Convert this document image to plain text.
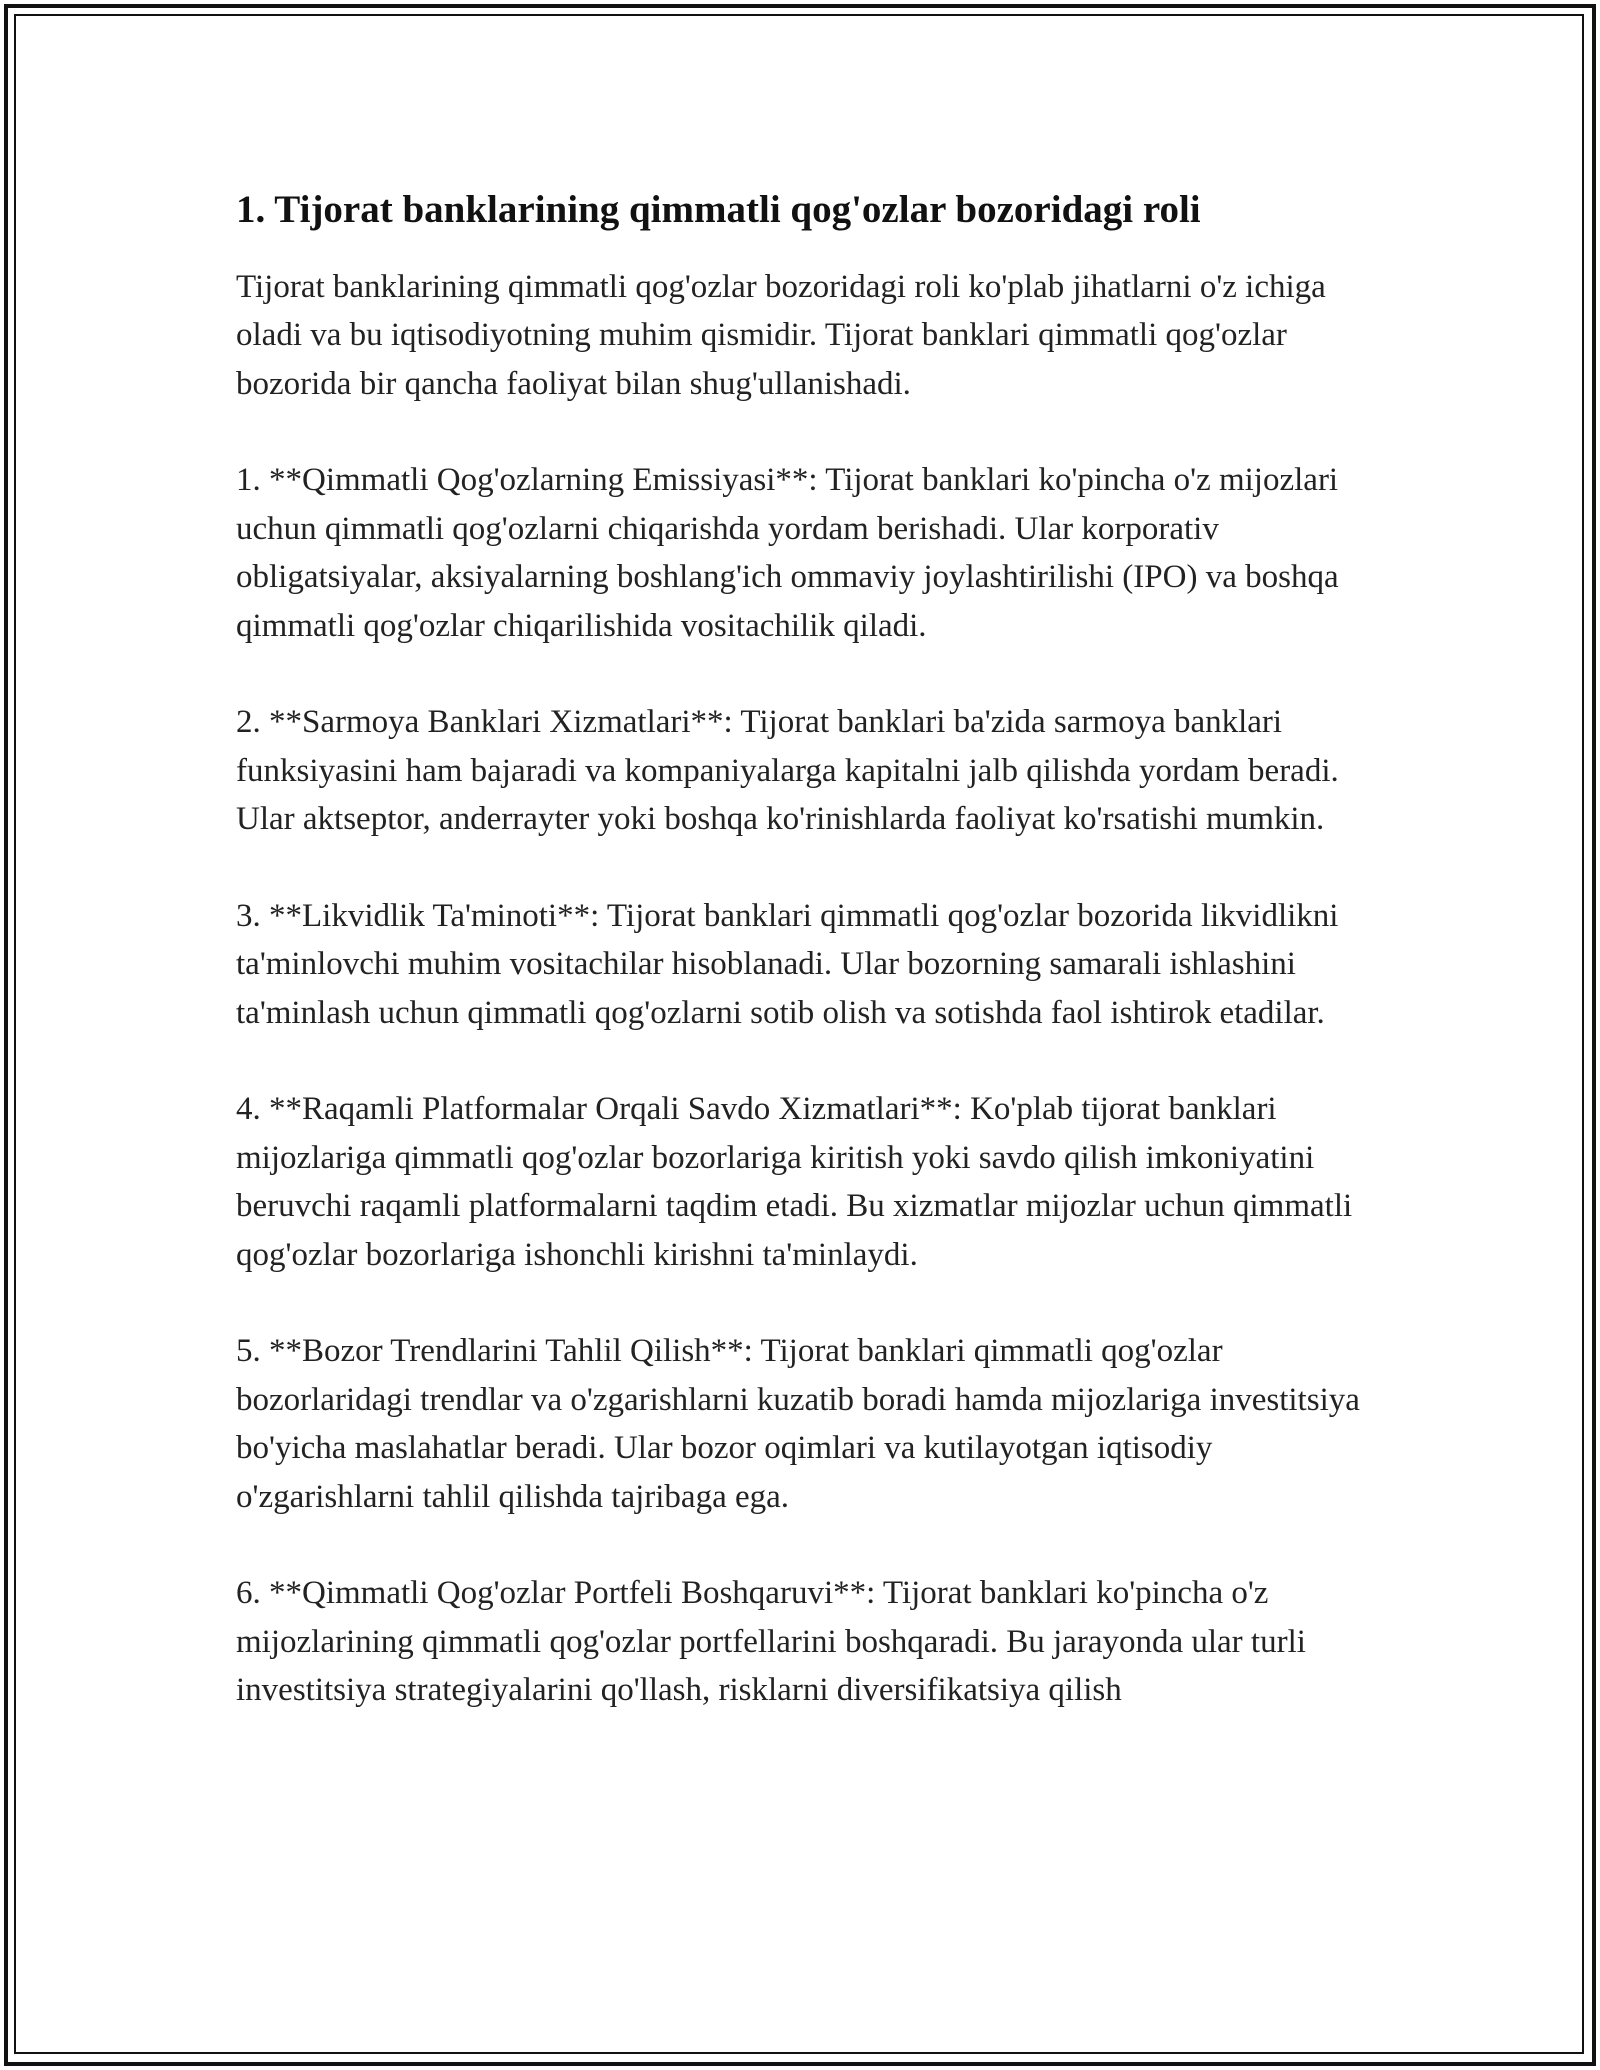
1. Tijorat banklarining qimmatli qog'ozlar bozoridagi roli

Tijorat banklarining qimmatli qog'ozlar bozoridagi roli ko'plab jihatlarni o'z ichiga oladi va bu iqtisodiyotning muhim qismidir. Tijorat banklari qimmatli qog'ozlar bozorida bir qancha faoliyat bilan shug'ullanishadi.

1. **Qimmatli Qog'ozlarning Emissiyasi**: Tijorat banklari ko'pincha o'z mijozlari uchun qimmatli qog'ozlarni chiqarishda yordam berishadi. Ular korporativ obligatsiyalar, aksiyalarning boshlang'ich ommaviy joylashtirilishi (IPO) va boshqa qimmatli qog'ozlar chiqarilishida vositachilik qiladi.

2. **Sarmoya Banklari Xizmatlari**: Tijorat banklari ba'zida sarmoya banklari funksiyasini ham bajaradi va kompaniyalarga kapitalni jalb qilishda yordam beradi. Ular aktseptor, anderrayter yoki boshqa ko'rinishlarda faoliyat ko'rsatishi mumkin.

3. **Likvidlik Ta'minoti**: Tijorat banklari qimmatli qog'ozlar bozorida likvidlikni ta'minlovchi muhim vositachilar hisoblanadi. Ular bozorning samarali ishlashini ta'minlash uchun qimmatli qog'ozlarni sotib olish va sotishda faol ishtirok etadilar.

4. **Raqamli Platformalar Orqali Savdo Xizmatlari**: Ko'plab tijorat banklari mijozlariga qimmatli qog'ozlar bozorlariga kiritish yoki savdo qilish imkoniyatini beruvchi raqamli platformalarni taqdim etadi. Bu xizmatlar mijozlar uchun qimmatli qog'ozlar bozorlariga ishonchli kirishni ta'minlaydi.

5. **Bozor Trendlarini Tahlil Qilish**: Tijorat banklari qimmatli qog'ozlar bozorlaridagi trendlar va o'zgarishlarni kuzatib boradi hamda mijozlariga investitsiya bo'yicha maslahatlar beradi. Ular bozor oqimlari va kutilayotgan iqtisodiy o'zgarishlarni tahlil qilishda tajribaga ega.

6. **Qimmatli Qog'ozlar Portfeli Boshqaruvi**: Tijorat banklari ko'pincha o'z mijozlarining qimmatli qog'ozlar portfellarini boshqaradi. Bu jarayonda ular turli investitsiya strategiyalarini qo'llash, risklarni diversifikatsiya qilish
